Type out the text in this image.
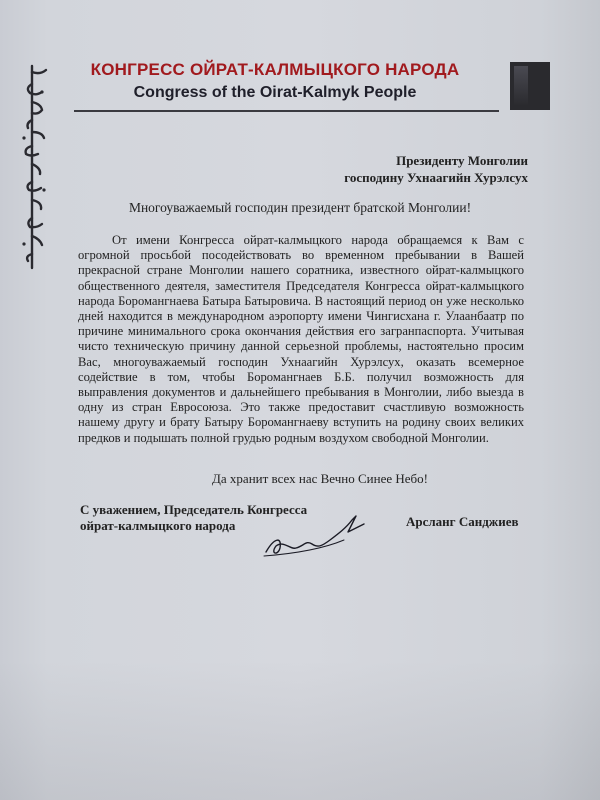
КОНГРЕСС ОЙРАТ-КАЛМЫЦКОГО НАРОДА
Congress of the Oirat-Kalmyk People
Президенту Монголии
господину Ухнаагийн Хурэлсух
Многоуважаемый господин президент братской Монголии!

От имени Конгресса ойрат-калмыцкого народа обращаемся к Вам с огромной просьбой посодействовать во временном пребывании в Вашей прекрасной стране Монголии нашего соратника, известного ойрат-калмыцкого общественного деятеля, заместителя Председателя Конгресса ойрат-калмыцкого народа Боромангнаева Батыра Батыровича. В настоящий период он уже несколько дней находится в международном аэропорту имени Чингисхана г. Улаанбаатр по причине минимального срока окончания действия его загранпаспорта. Учитывая чисто техническую причину данной серьезной проблемы, настоятельно просим Вас, многоуважаемый господин Ухнаагийн Хурэлсух, оказать всемерное содействие в том, чтобы Боромангнаев Б.Б. получил возможность для выправления документов и дальнейшего пребывания в Монголии, либо выезда в одну из стран Евросоюза. Это также предоставит счастливую возможность нашему другу и брату Батыру Боромангнаеву вступить на родину своих великих предков и подышать полной грудью родным воздухом свободной Монголии.

Да хранит всех нас Вечно Синее Небо!
С уважением, Председатель Конгресса
ойрат-калмыцкого народа	Арсланг Санджиев
